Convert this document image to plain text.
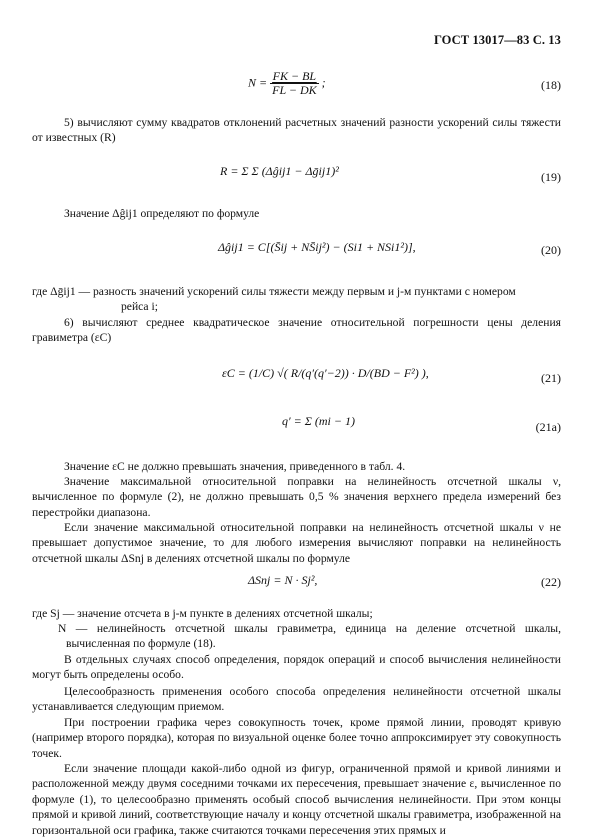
ГОСТ 13017—83 С. 13
$N = \frac{FK - BL}{FL - DK}$ ;	(18)

5) вычисляют сумму квадратов отклонений расчетных значений разности ускорений силы тяжести от известных (R)

R = Σ Σ (Δĝij1 − Δḡij1)²	(19)

Значение Δĝij1 определяют по формуле

Δĝij1 = C[(S̄ij + NS̄ij²) − (Si1 + NSi1²)],	(20)
где Δḡij1 — разность значений ускорений силы тяжести между первым и j-м пунктами с номером
рейса i;

6) вычисляют среднее квадратическое значение относительной погрешности цены деления гравиметра (εC)

εC = (1/C) √( R/(q′(q′−2)) · D/(BD − F²) ),	(21)
q′ = Σ (mi − 1)	(21a)

Значение εC не должно превышать значения, приведенного в табл. 4.

Значение максимальной относительной поправки на нелинейность отсчетной шкалы ν, вычисленное по формуле (2), не должно превышать 0,5 % значения верхнего предела измерений без перестройки диапазона.

Если значение максимальной относительной поправки на нелинейность отсчетной шкалы ν не превышает допустимое значение, то для любого измерения вычисляют поправки на нелинейность отсчетной шкалы ΔSnj в делениях отсчетной шкалы по формуле

ΔSnj = N · Sj²,	(22)
где Sj — значение отсчета в j-м пункте в делениях отсчетной шкалы;
N — нелинейность отсчетной шкалы гравиметра, единица на деление отсчетной шкалы, вычисленная по формуле (18).

В отдельных случаях способ определения, порядок операций и способ вычисления нелинейности могут быть определены особо.

Целесообразность применения особого способа определения нелинейности отсчетной шкалы устанавливается следующим приемом.

При построении графика через совокупность точек, кроме прямой линии, проводят кривую (например второго порядка), которая по визуальной оценке более точно аппроксимирует эту совокупность точек.

Если значение площади какой-либо одной из фигур, ограниченной прямой и кривой линиями и расположенной между двумя соседними точками их пересечения, превышает значение ε, вычисленное по формуле (1), то целесообразно применять особый способ вычисления нелинейности. При этом концы прямой и кривой линий, соответствующие началу и концу отсчетной шкалы гравиметра, изображенной на горизонтальной оси графика, также считаются точками пересечения этих прямых и
